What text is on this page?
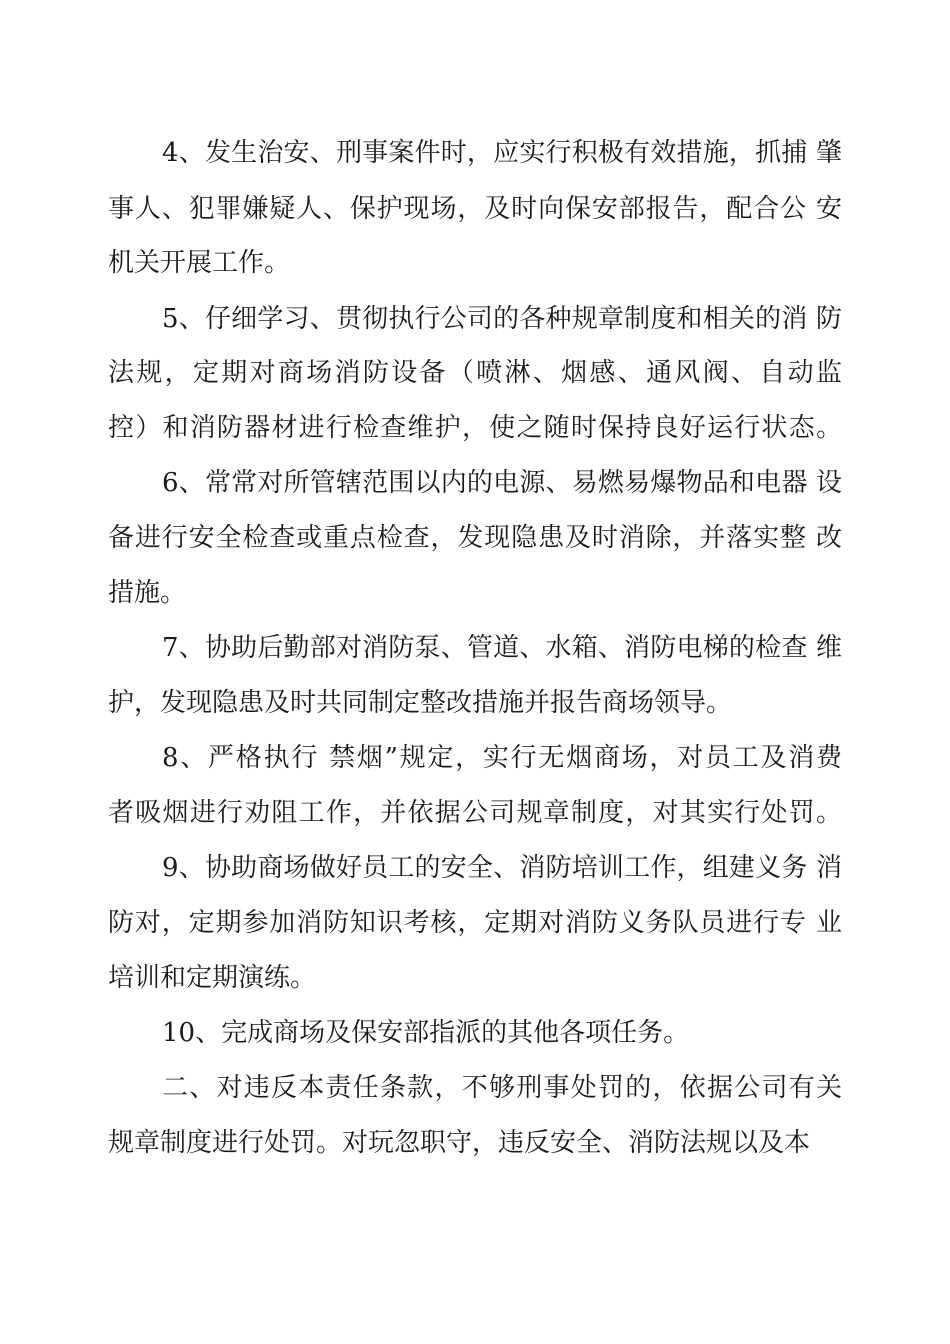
4、发生治安、刑事案件时，应实行积极有效措施，抓捕 肇
事人、犯罪嫌疑人、保护现场，及时向保安部报告，配合公 安
机关开展工作。
5、仔细学习、贯彻执行公司的各种规章制度和相关的消 防
法规，定期对商场消防设备（喷淋、烟感、通风阀、自动监
控）和消防器材进行检查维护，使之随时保持良好运行状态。
6、常常对所管辖范围以内的电源、易燃易爆物品和电器 设
备进行安全检查或重点检查，发现隐患及时消除，并落实整 改
措施。
7、协助后勤部对消防泵、管道、水箱、消防电梯的检查 维
护，发现隐患及时共同制定整改措施并报告商场领导。
8、严格执行 禁烟”规定，实行无烟商场，对员工及消费
者吸烟进行劝阻工作，并依据公司规章制度，对其实行处罚。
9、协助商场做好员工的安全、消防培训工作，组建义务 消
防对，定期参加消防知识考核，定期对消防义务队员进行专 业
培训和定期演练。
10、完成商场及保安部指派的其他各项任务。
二、对违反本责任条款，不够刑事处罚的，依据公司有关
规章制度进行处罚。对玩忽职守，违反安全、消防法规以及本
